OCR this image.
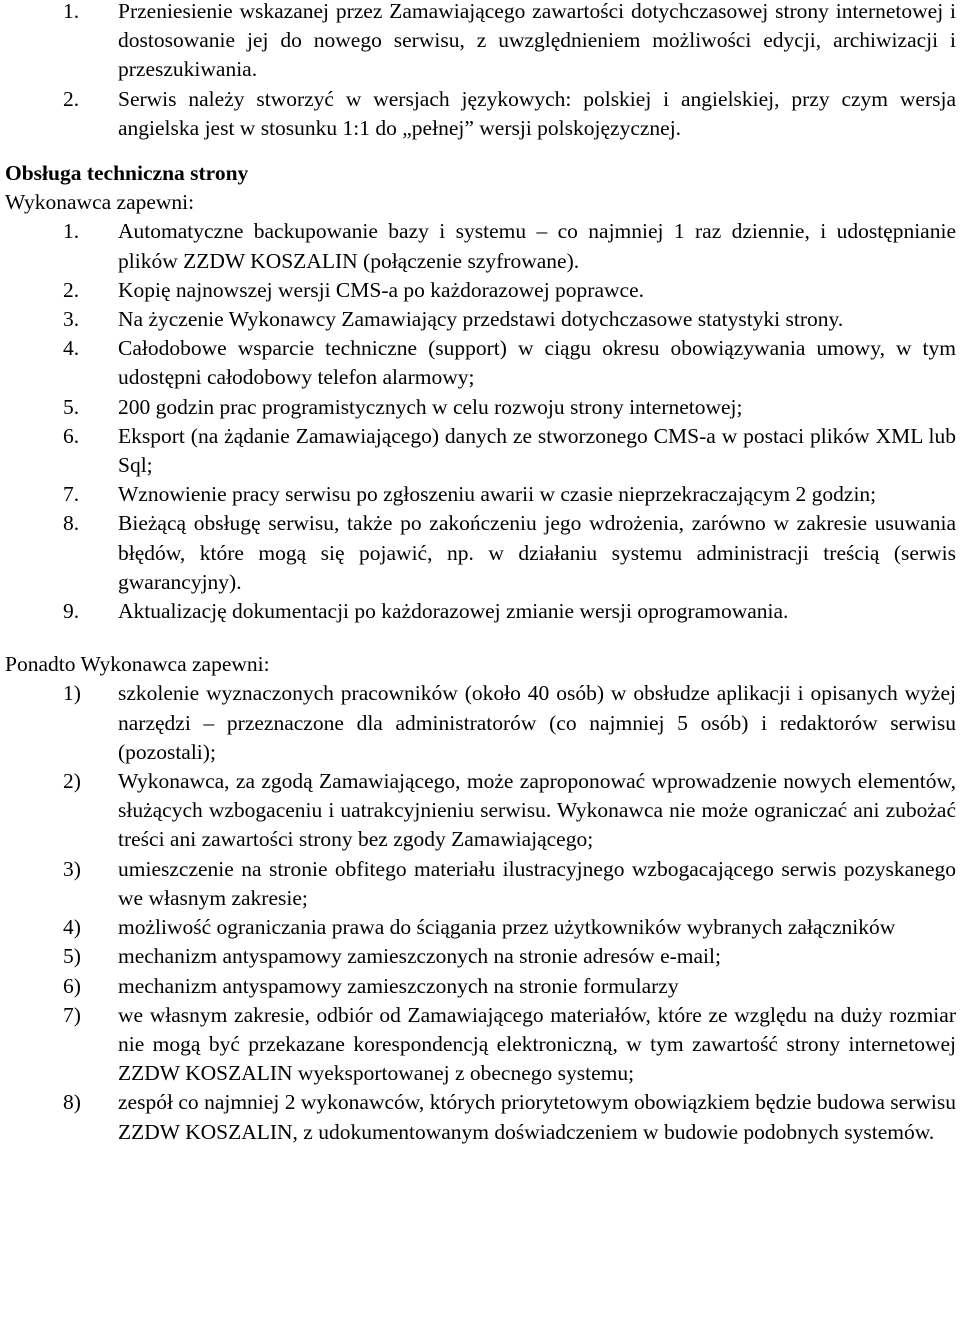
1.	Przeniesienie wskazanej przez Zamawiającego zawartości dotychczasowej strony internetowej i dostosowanie jej do nowego serwisu, z uwzględnieniem możliwości edycji, archiwizacji i przeszukiwania.
2.	Serwis należy stworzyć w wersjach językowych: polskiej i angielskiej, przy czym wersja angielska jest w stosunku 1:1 do „pełnej” wersji polskojęzycznej.
Obsługa techniczna strony
Wykonawca zapewni:
1.	Automatyczne backupowanie bazy i systemu – co najmniej 1 raz dziennie, i udostępnianie plików ZZDW KOSZALIN (połączenie szyfrowane).
2.	Kopię najnowszej wersji CMS-a po każdorazowej poprawce.
3.	Na życzenie Wykonawcy Zamawiający przedstawi dotychczasowe statystyki strony.
4.	Całodobowe wsparcie techniczne (support) w ciągu okresu obowiązywania umowy, w tym udostępni całodobowy telefon alarmowy;
5.	200 godzin prac programistycznych w celu rozwoju strony internetowej;
6.	Eksport (na żądanie Zamawiającego) danych ze stworzonego CMS-a w postaci plików XML lub Sql;
7.	Wznowienie pracy serwisu po zgłoszeniu awarii w czasie nieprzekraczającym 2 godzin;
8.	Bieżącą obsługę serwisu, także po zakończeniu jego wdrożenia, zarówno w zakresie usuwania błędów, które mogą się pojawić, np. w działaniu systemu administracji treścią (serwis gwarancyjny).
9.	Aktualizację dokumentacji po każdorazowej zmianie wersji oprogramowania.
Ponadto Wykonawca zapewni:
1)	szkolenie wyznaczonych pracowników (około 40 osób) w obsłudze aplikacji i opisanych wyżej narzędzi – przeznaczone dla administratorów (co najmniej 5 osób) i redaktorów serwisu (pozostali);
2)	Wykonawca, za zgodą Zamawiającego, może zaproponować wprowadzenie nowych elementów, służących wzbogaceniu i uatrakcyjnieniu serwisu. Wykonawca nie może ograniczać ani zubożać treści ani zawartości strony bez zgody Zamawiającego;
3)	umieszczenie na stronie obfitego materiału ilustracyjnego wzbogacającego serwis pozyskanego we własnym zakresie;
4)	możliwość ograniczania prawa do ściągania przez użytkowników wybranych załączników
5)	mechanizm antyspamowy zamieszczonych na stronie adresów e-mail;
6)	mechanizm antyspamowy zamieszczonych na stronie formularzy
7)	we własnym zakresie, odbiór od Zamawiającego materiałów, które ze względu na duży rozmiar nie mogą być przekazane korespondencją elektroniczną, w tym zawartość strony internetowej ZZDW KOSZALIN wyeksportowanej z obecnego systemu;
8)	zespół co najmniej 2 wykonawców, których priorytetowym obowiązkiem będzie budowa serwisu ZZDW KOSZALIN, z udokumentowanym doświadczeniem w budowie podobnych systemów.
